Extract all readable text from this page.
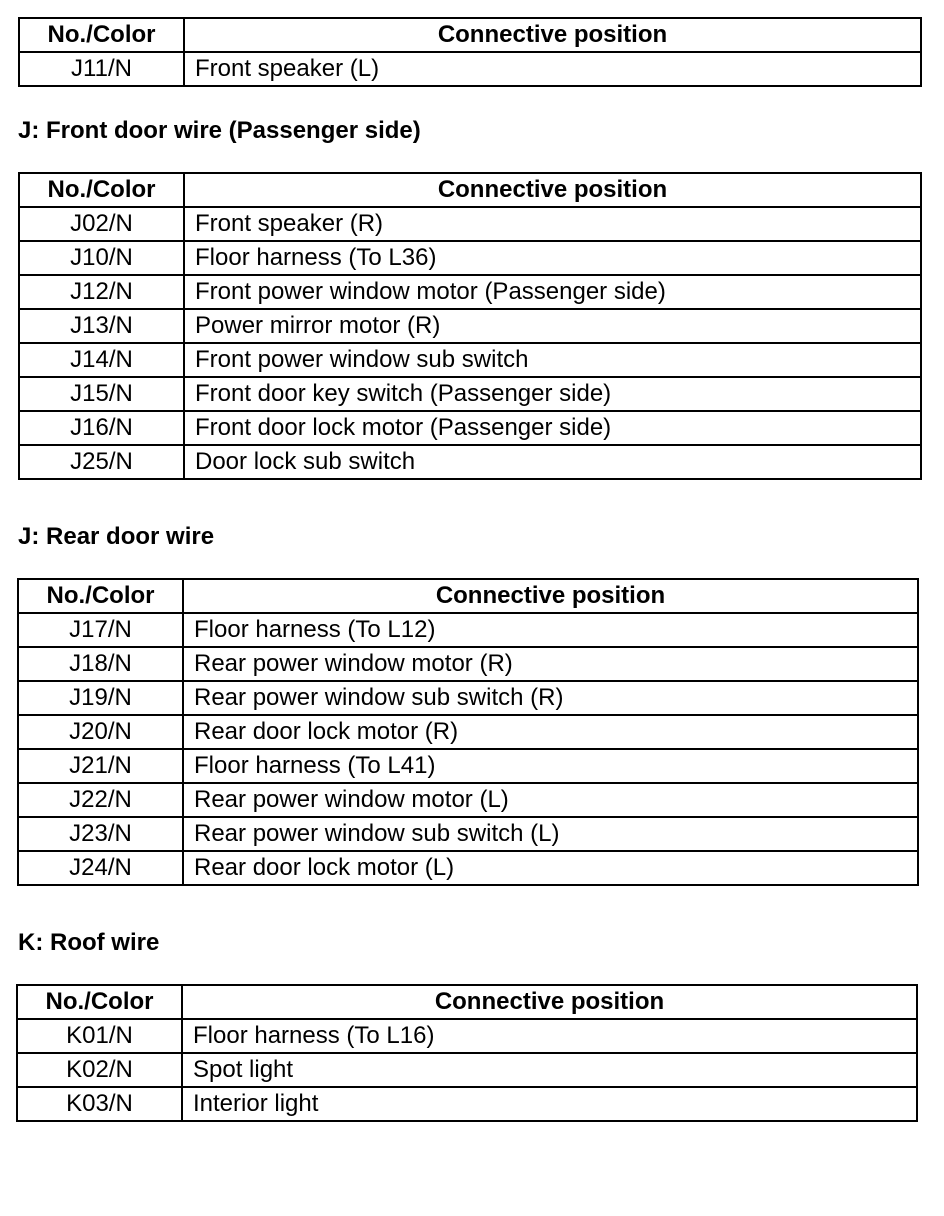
No./Color	Connective position
J11/N	Front speaker (L)
J: Front door wire (Passenger side)
No./Color	Connective position
J02/N	Front speaker (R)
J10/N	Floor harness (To L36)
J12/N	Front power window motor (Passenger side)
J13/N	Power mirror motor (R)
J14/N	Front power window sub switch
J15/N	Front door key switch (Passenger side)
J16/N	Front door lock motor (Passenger side)
J25/N	Door lock sub switch
J: Rear door wire
No./Color	Connective position
J17/N	Floor harness (To L12)
J18/N	Rear power window motor (R)
J19/N	Rear power window sub switch (R)
J20/N	Rear door lock motor (R)
J21/N	Floor harness (To L41)
J22/N	Rear power window motor (L)
J23/N	Rear power window sub switch (L)
J24/N	Rear door lock motor (L)
K: Roof wire
No./Color	Connective position
K01/N	Floor harness (To L16)
K02/N	Spot light
K03/N	Interior light
